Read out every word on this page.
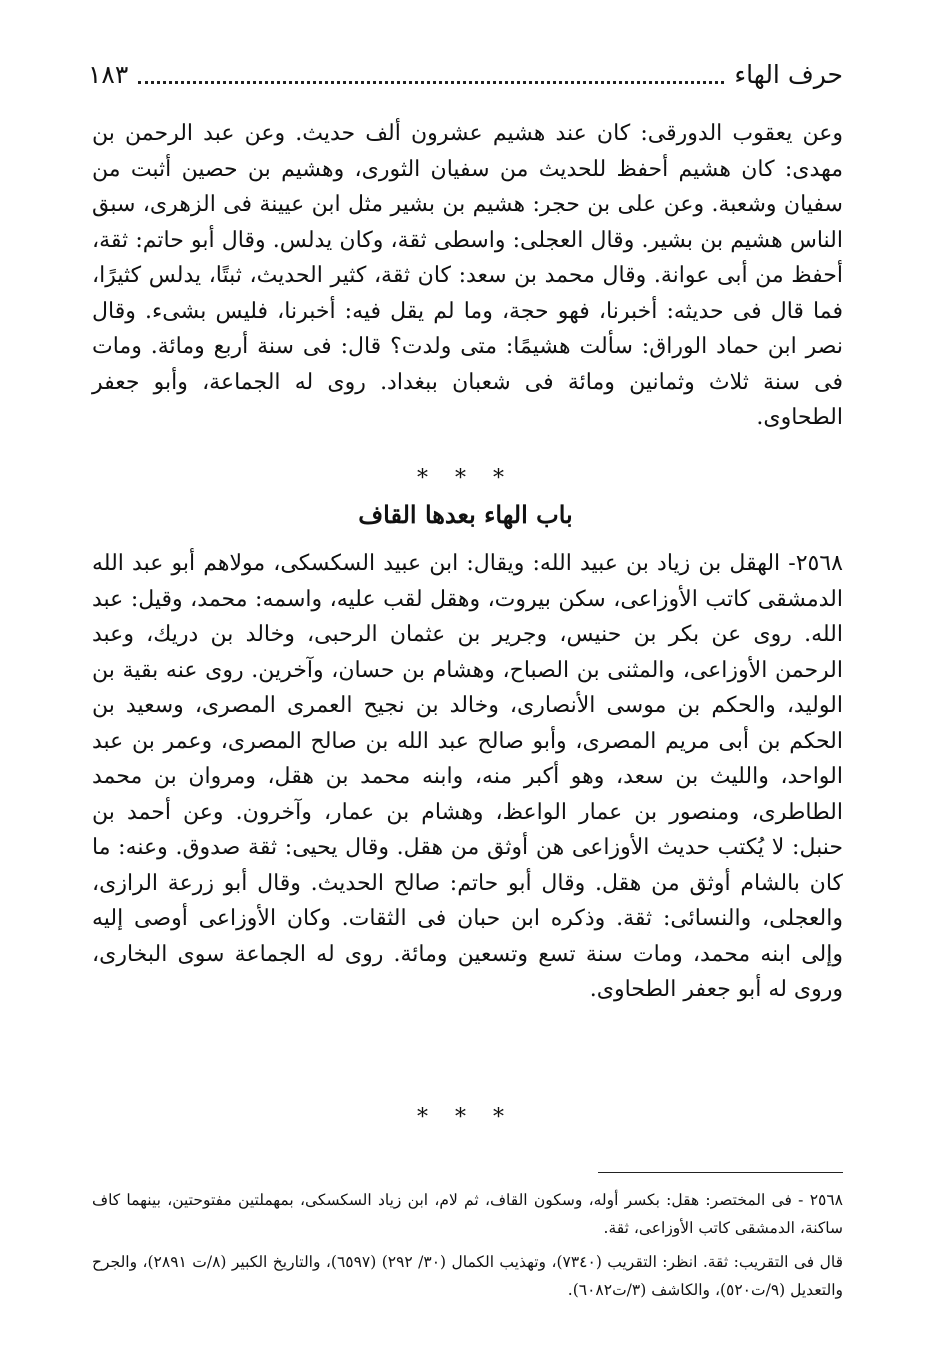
حرف الهاء
١٨٣
وعن يعقوب الدورقى: كان عند هشيم عشرون ألف حديث. وعن عبد الرحمن بن مهدى: كان هشيم أحفظ للحديث من سفيان الثورى، وهشيم بن حصين أثبت من سفيان وشعبة. وعن على بن حجر: هشيم بن بشير مثل ابن عيينة فى الزهرى، سبق الناس هشيم بن بشير. وقال العجلى: واسطى ثقة، وكان يدلس. وقال أبو حاتم: ثقة، أحفظ من أبى عوانة. وقال محمد بن سعد: كان ثقة، كثير الحديث، ثبتًا، يدلس كثيرًا، فما قال فى حديثه: أخبرنا، فهو حجة، وما لم يقل فيه: أخبرنا، فليس بشىء. وقال نصر ابن حماد الوراق: سألت هشيمًا: متى ولدت؟ قال: فى سنة أربع ومائة. ومات فى سنة ثلاث وثمانين ومائة فى شعبان ببغداد. روى له الجماعة، وأبو جعفر الطحاوى.
* * *
باب الهاء بعدها القاف
٢٥٦٨- الهقل بن زياد بن عبيد الله: ويقال: ابن عبيد السكسكى، مولاهم أبو عبد الله الدمشقى كاتب الأوزاعى، سكن بيروت، وهقل لقب عليه، واسمه: محمد، وقيل: عبد الله. روى عن بكر بن حنيس، وجرير بن عثمان الرحبى، وخالد بن دريك، وعبد الرحمن الأوزاعى، والمثنى بن الصباح، وهشام بن حسان، وآخرين. روى عنه بقية بن الوليد، والحكم بن موسى الأنصارى، وخالد بن نجيح العمرى المصرى، وسعيد بن الحكم بن أبى مريم المصرى، وأبو صالح عبد الله بن صالح المصرى، وعمر بن عبد الواحد، والليث بن سعد، وهو أكبر منه، وابنه محمد بن هقل، ومروان بن محمد الطاطرى، ومنصور بن عمار الواعظ، وهشام بن عمار، وآخرون. وعن أحمد بن حنبل: لا يُكتب حديث الأوزاعى هن أوثق من هقل. وقال يحيى: ثقة صدوق. وعنه: ما كان بالشام أوثق من هقل. وقال أبو حاتم: صالح الحديث. وقال أبو زرعة الرازى، والعجلى، والنسائى: ثقة. وذكره ابن حبان فى الثقات. وكان الأوزاعى أوصى إليه وإلى ابنه محمد، ومات سنة تسع وتسعين ومائة. روى له الجماعة سوى البخارى، وروى له أبو جعفر الطحاوى.
* * *

٢٥٦٨ - فى المختصر: هقل: بكسر أوله، وسكون القاف، ثم لام، ابن زياد السكسكى، بمهملتين مفتوحتين، بينهما كاف ساكنة، الدمشقى كاتب الأوزاعى، ثقة.

قال فى التقريب: ثقة. انظر: التقريب (٧٣٤٠)، وتهذيب الكمال (٣٠/ ٢٩٢) (٦٥٩٧)، والتاريخ الكبير (٨/ت ٢٨٩١)، والجرح والتعديل (٩/ت٥٢٠)، والكاشف (٣/ت٦٠٨٢).
